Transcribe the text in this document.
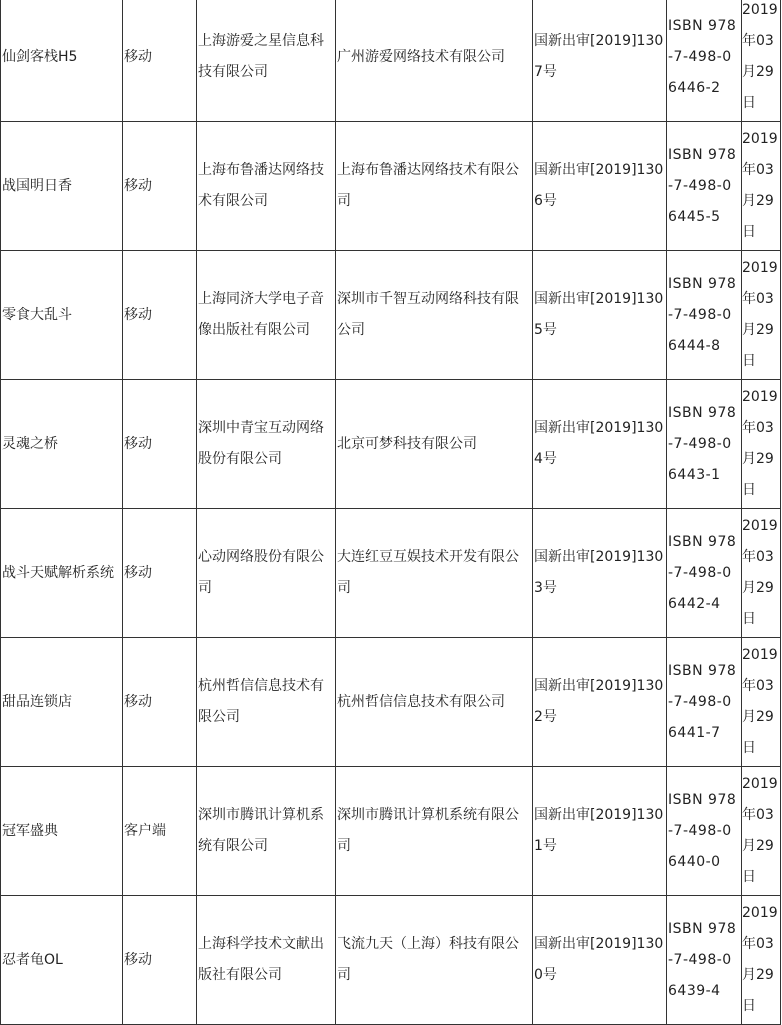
仙剑客栈H5	移动	上海游爱之星信息科技有限公司	广州游爱网络技术有限公司	国新出审[2019]1307号	ISBN 978-7-498-06446-2	2019年03月29日
战国明日香	移动	上海布鲁潘达网络技术有限公司	上海布鲁潘达网络技术有限公司	国新出审[2019]1306号	ISBN 978-7-498-06445-5	2019年03月29日
零食大乱斗	移动	上海同济大学电子音像出版社有限公司	深圳市千智互动网络科技有限公司	国新出审[2019]1305号	ISBN 978-7-498-06444-8	2019年03月29日
灵魂之桥	移动	深圳中青宝互动网络股份有限公司	北京可梦科技有限公司	国新出审[2019]1304号	ISBN 978-7-498-06443-1	2019年03月29日
战斗天赋解析系统	移动	心动网络股份有限公司	大连红豆互娱技术开发有限公司	国新出审[2019]1303号	ISBN 978-7-498-06442-4	2019年03月29日
甜品连锁店	移动	杭州哲信信息技术有限公司	杭州哲信信息技术有限公司	国新出审[2019]1302号	ISBN 978-7-498-06441-7	2019年03月29日
冠军盛典	客户端	深圳市腾讯计算机系统有限公司	深圳市腾讯计算机系统有限公司	国新出审[2019]1301号	ISBN 978-7-498-06440-0	2019年03月29日
忍者龟OL	移动	上海科学技术文献出版社有限公司	飞流九天（上海）科技有限公司	国新出审[2019]1300号	ISBN 978-7-498-06439-4	2019年03月29日
